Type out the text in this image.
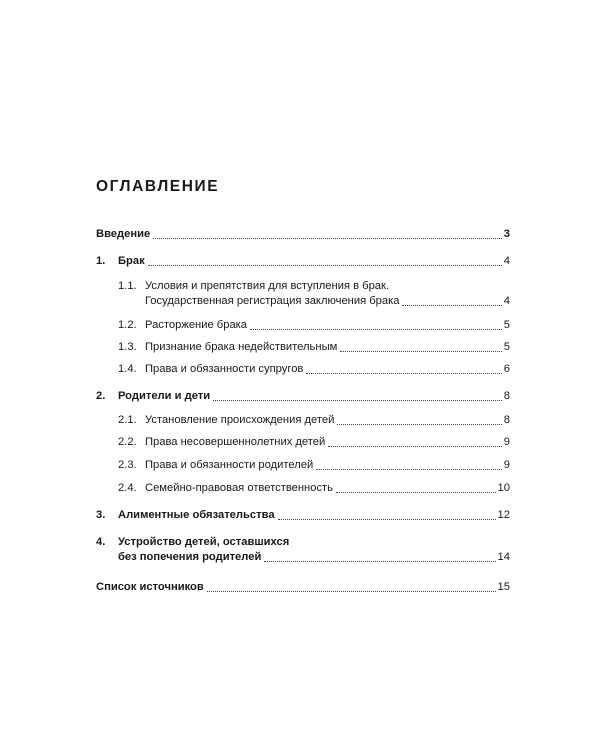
ОГЛАВЛЕНИЕ
Введение	3
1. Брак	4
1.1. Условия и препятствия для вступления в брак.
Государственная регистрация заключения брака	4
1.2. Расторжение брака	5
1.3. Признание брака недействительным	5
1.4. Права и обязанности супругов	6
2. Родители и дети	8
2.1. Установление происхождения детей	8
2.2. Права несовершеннолетних детей	9
2.3. Права и обязанности родителей	9
2.4. Семейно-правовая ответственность	10
3. Алиментные обязательства	12
4. Устройство детей, оставшихся
без попечения родителей	14
Список источников	15
